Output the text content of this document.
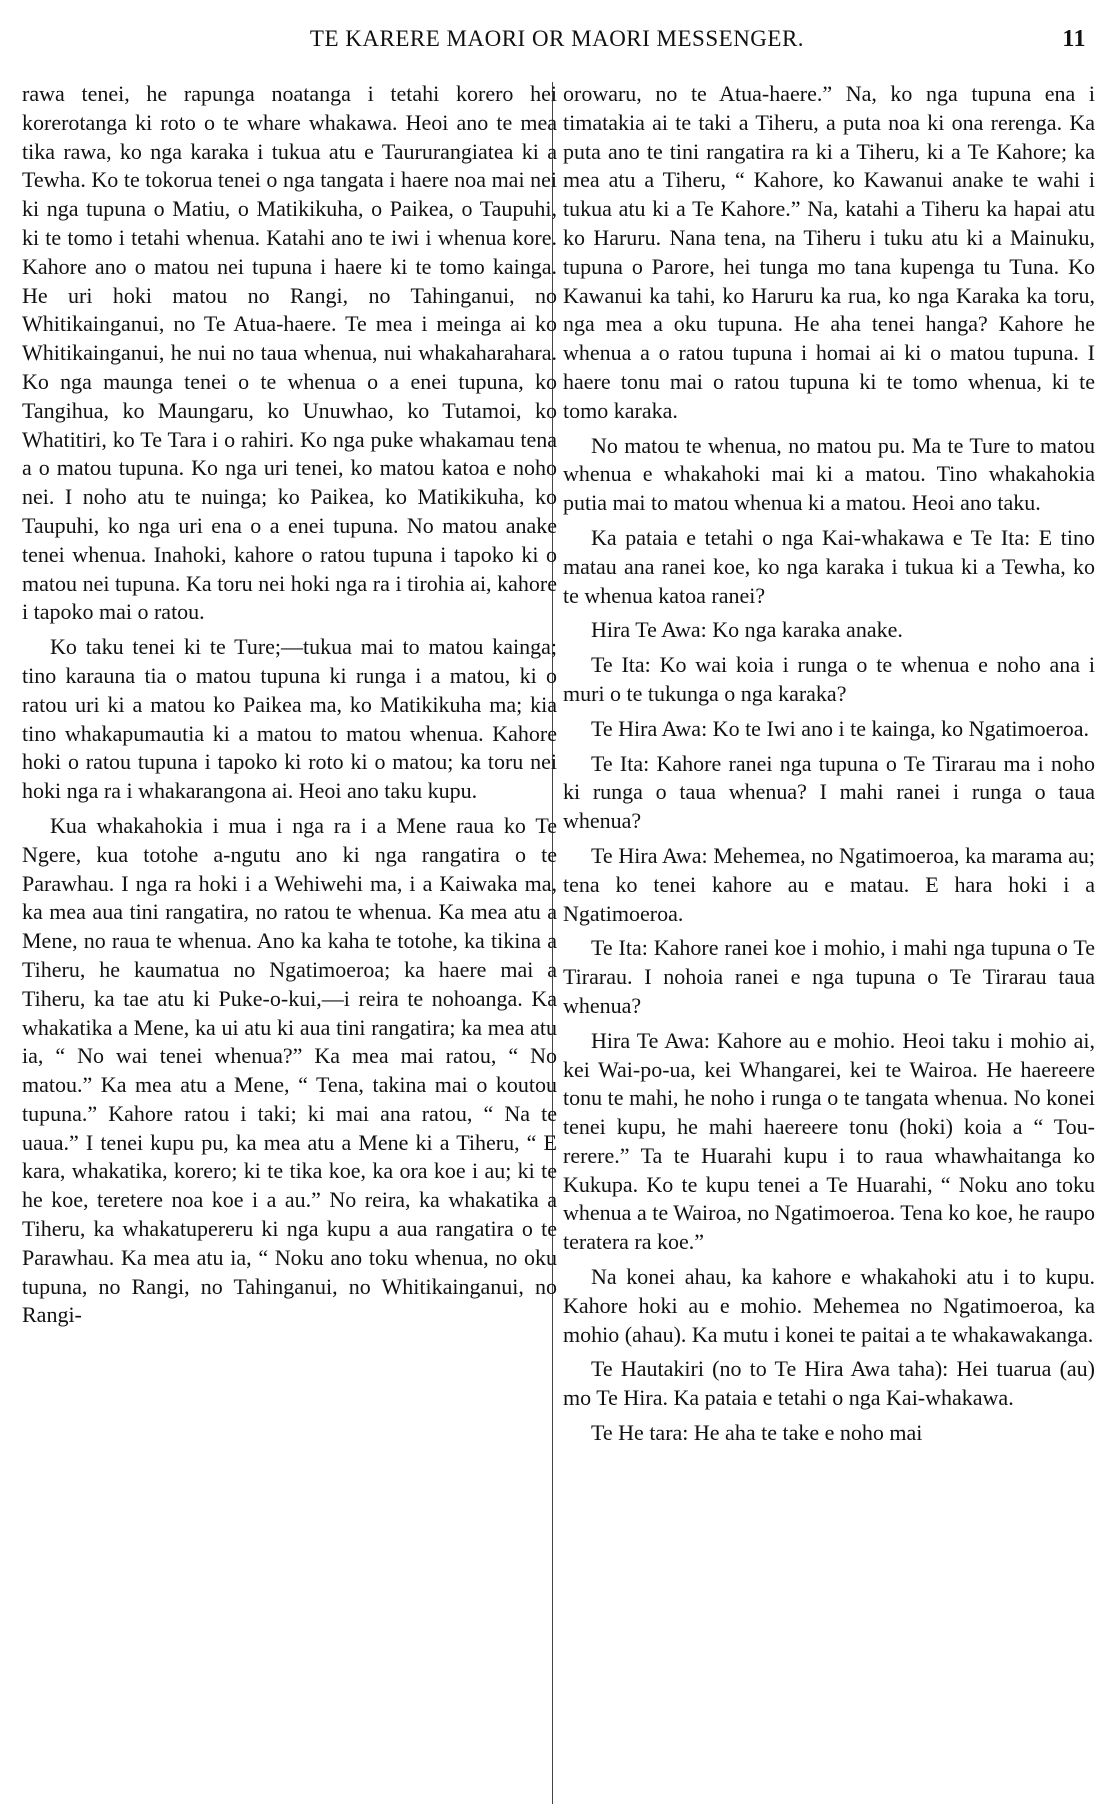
TE KARERE MAORI OR MAORI MESSENGER.	11

rawa tenei, he rapunga noatanga i tetahi korero hei korerotanga ki roto o te whare whakawa. Heoi ano te mea tika rawa, ko nga karaka i tukua atu e Taururangiatea ki a Tewha. Ko te tokorua tenei o nga tangata i haere noa mai nei ki nga tupuna o Matiu, o Matikikuha, o Paikea, o Taupuhi, ki te tomo i tetahi whenua. Katahi ano te iwi i whenua kore. Kahore ano o matou nei tupuna i haere ki te tomo kainga. He uri hoki matou no Rangi, no Tahinganui, no Whitikainganui, no Te Atua-haere. Te mea i meinga ai ko Whitikainganui, he nui no taua whenua, nui whakaharahara. Ko nga maunga tenei o te whenua o a enei tupuna, ko Tangihua, ko Maungaru, ko Unuwhao, ko Tutamoi, ko Whatitiri, ko Te Tara i o rahiri. Ko nga puke whakamau tena a o matou tupuna. Ko nga uri tenei, ko matou katoa e noho nei. I noho atu te nuinga; ko Paikea, ko Matikikuha, ko Taupuhi, ko nga uri ena o a enei tupuna. No matou anake tenei whenua. Inahoki, kahore o ratou tupuna i tapoko ki o matou nei tupuna. Ka toru nei hoki nga ra i tirohia ai, kahore i tapoko mai o ratou.

Ko taku tenei ki te Ture;—tukua mai to matou kainga; tino karauna tia o matou tupuna ki runga i a matou, ki o ratou uri ki a matou ko Paikea ma, ko Matikikuha ma; kia tino whakapumautia ki a matou to matou whenua. Kahore hoki o ratou tupuna i tapoko ki roto ki o matou; ka toru nei hoki nga ra i whakarangona ai. Heoi ano taku kupu.

Kua whakahokia i mua i nga ra i a Mene raua ko Te Ngere, kua totohe a-ngutu ano ki nga rangatira o te Parawhau. I nga ra hoki i a Wehiwehi ma, i a Kaiwaka ma, ka mea aua tini rangatira, no ratou te whenua. Ka mea atu a Mene, no raua te whenua. Ano ka kaha te totohe, ka tikina a Tiheru, he kaumatua no Ngatimoeroa; ka haere mai a Tiheru, ka tae atu ki Puke-o-kui,—i reira te nohoanga. Ka whakatika a Mene, ka ui atu ki aua tini rangatira; ka mea atu ia, “ No wai tenei whenua?” Ka mea mai ratou, “ No matou.” Ka mea atu a Mene, “ Tena, takina mai o koutou tupuna.” Kahore ratou i taki; ki mai ana ratou, “ Na te uaua.” I tenei kupu pu, ka mea atu a Mene ki a Tiheru, “ E kara, whakatika, korero; ki te tika koe, ka ora koe i au; ki te he koe, teretere noa koe i a au.” No reira, ka whakatika a Tiheru, ka whakatupereru ki nga kupu a aua rangatira o te Parawhau. Ka mea atu ia, “ Noku ano toku whenua, no oku tupuna, no Rangi, no Tahinganui, no Whitikainganui, no Rangi-

orowaru, no te Atua-haere.” Na, ko nga tupuna ena i timatakia ai te taki a Tiheru, a puta noa ki ona rerenga. Ka puta ano te tini rangatira ra ki a Tiheru, ki a Te Kahore; ka mea atu a Tiheru, “ Kahore, ko Kawanui anake te wahi i tukua atu ki a Te Kahore.” Na, katahi a Tiheru ka hapai atu ko Haruru. Nana tena, na Tiheru i tuku atu ki a Mainuku, tupuna o Parore, hei tunga mo tana kupenga tu Tuna. Ko Kawanui ka tahi, ko Haruru ka rua, ko nga Karaka ka toru, nga mea a oku tupuna. He aha tenei hanga? Kahore he whenua a o ratou tupuna i homai ai ki o matou tupuna. I haere tonu mai o ratou tupuna ki te tomo whenua, ki te tomo karaka.

No matou te whenua, no matou pu. Ma te Ture to matou whenua e whakahoki mai ki a matou. Tino whakahokia putia mai to matou whenua ki a matou. Heoi ano taku.

Ka pataia e tetahi o nga Kai-whakawa e Te Ita: E tino matau ana ranei koe, ko nga karaka i tukua ki a Tewha, ko te whenua katoa ranei?

Hira Te Awa: Ko nga karaka anake.

Te Ita: Ko wai koia i runga o te whenua e noho ana i muri o te tukunga o nga karaka?

Te Hira Awa: Ko te Iwi ano i te kainga, ko Ngatimoeroa.

Te Ita: Kahore ranei nga tupuna o Te Tirarau ma i noho ki runga o taua whenua? I mahi ranei i runga o taua whenua?

Te Hira Awa: Mehemea, no Ngatimoeroa, ka marama au; tena ko tenei kahore au e matau. E hara hoki i a Ngatimoeroa.

Te Ita: Kahore ranei koe i mohio, i mahi nga tupuna o Te Tirarau. I nohoia ranei e nga tupuna o Te Tirarau taua whenua?

Hira Te Awa: Kahore au e mohio. Heoi taku i mohio ai, kei Wai-po-ua, kei Whangarei, kei te Wairoa. He haereere tonu te mahi, he noho i runga o te tangata whenua. No konei tenei kupu, he mahi haereere tonu (hoki) koia a “ Tou-rerere.” Ta te Huarahi kupu i to raua whawhaitanga ko Kukupa. Ko te kupu tenei a Te Huarahi, “ Noku ano toku whenua a te Wairoa, no Ngatimoeroa. Tena ko koe, he raupo teratera ra koe.”

Na konei ahau, ka kahore e whakahoki atu i to kupu. Kahore hoki au e mohio. Mehemea no Ngatimoeroa, ka mohio (ahau). Ka mutu i konei te paitai a te whakawakanga.

Te Hautakiri (no to Te Hira Awa taha): Hei tuarua (au) mo Te Hira. Ka pataia e tetahi o nga Kai-whakawa.

Te He tara: He aha te take e noho mai
